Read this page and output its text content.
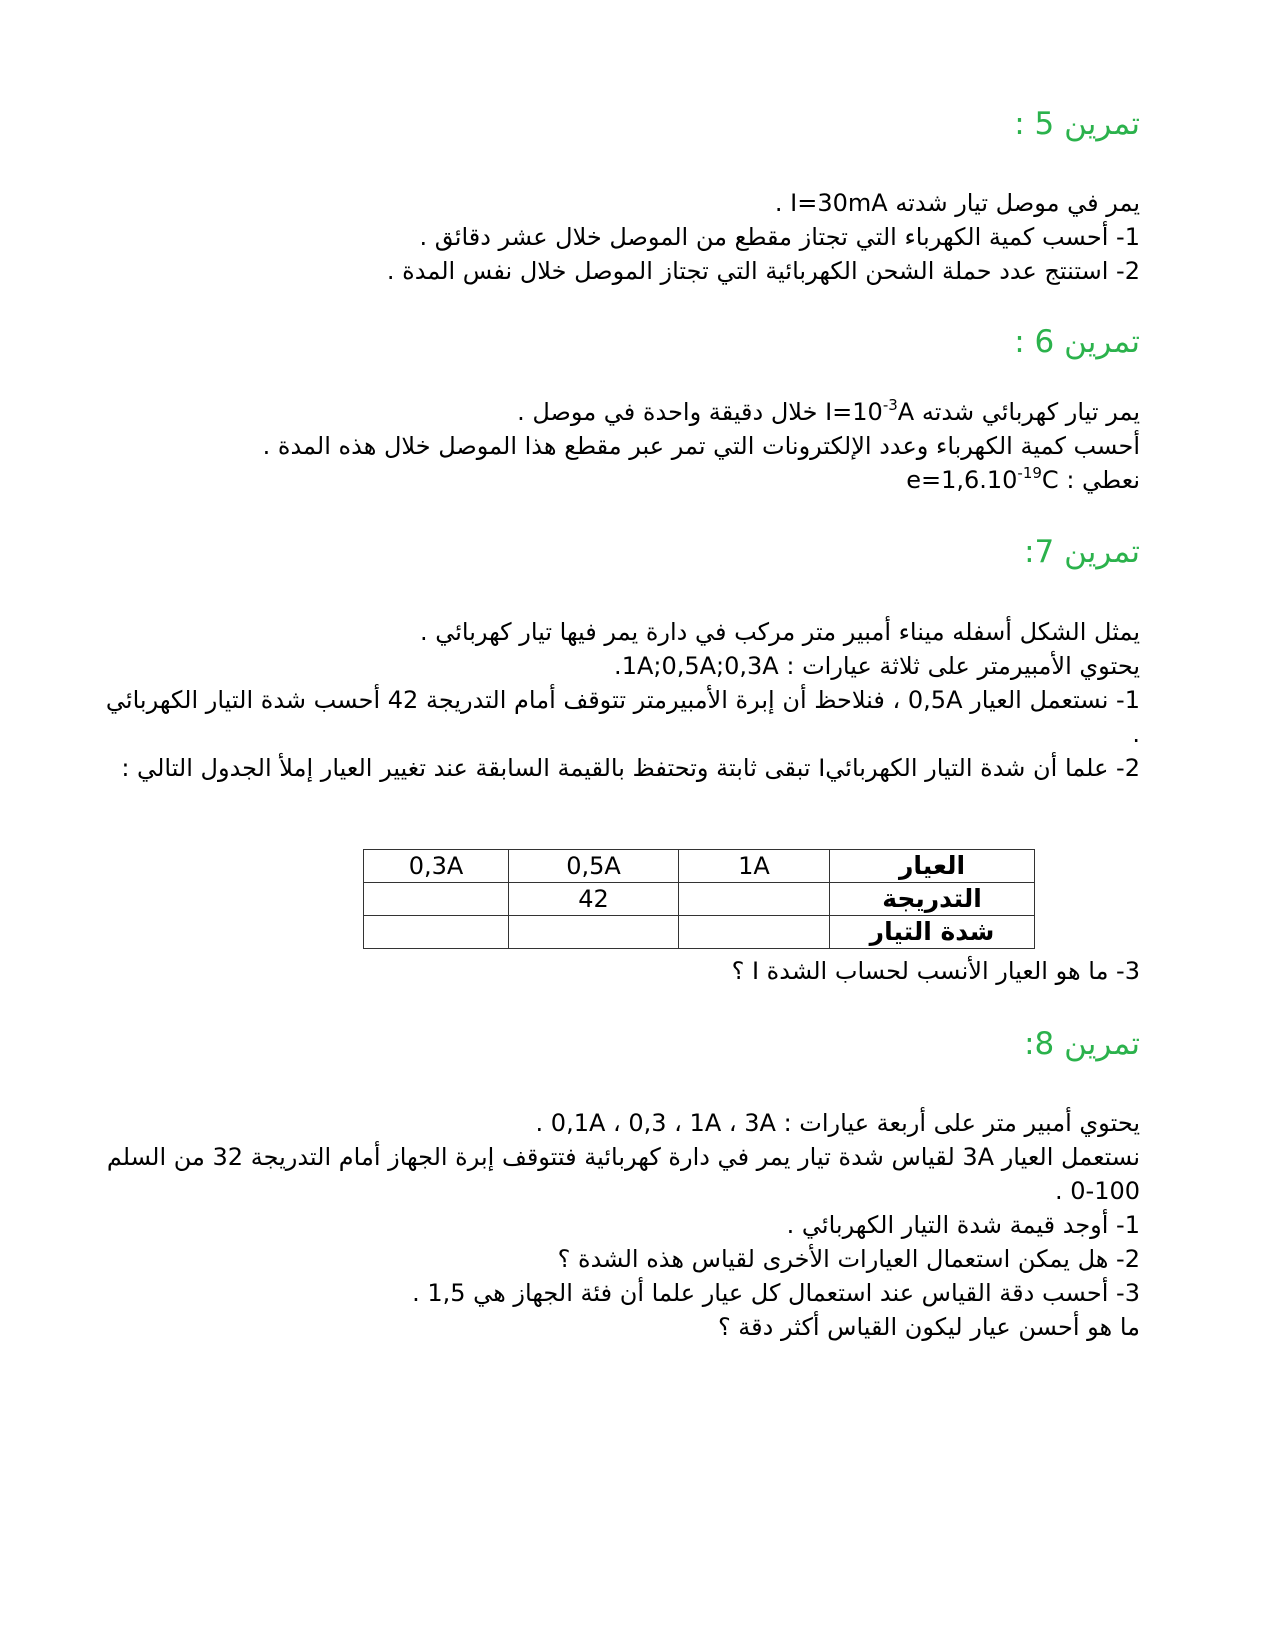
تمرين 5 :

يمر في موصل تيار شدته I=30mA .

1- أحسب كمية الكهرباء التي تجتاز مقطع من الموصل خلال عشر دقائق .

2- استنتج عدد حملة الشحن الكهربائية التي تجتاز الموصل خلال نفس المدة .

تمرين 6 :

يمر تيار كهربائي شدته $I=10^{-3}A$ خلال دقيقة واحدة في موصل .

أحسب كمية الكهرباء وعدد الإلكترونات التي تمر عبر مقطع هذا الموصل خلال هذه المدة .

نعطي : $e=1,6.10^{-19}C$

تمرين 7:

يمثل الشكل أسفله ميناء أمبير متر مركب في دارة يمر فيها تيار كهربائي .

يحتوي الأمبيرمتر على ثلاثة عيارات : 1A;0,5A;0,3A.

1- نستعمل العيار 0,5A ، فنلاحظ أن إبرة الأمبيرمتر تتوقف أمام التدريجة 42 أحسب شدة التيار الكهربائي .

2- علما أن شدة التيار الكهربائيI تبقى ثابتة وتحتفظ بالقيمة السابقة عند تغيير العيار إملأ الجدول التالي :

العيار	1A	0,5A	0,3A
التدريجة		42	
شدة التيار			

3- ما هو العيار الأنسب لحساب الشدة I ؟

تمرين 8:

يحتوي أمبير متر على أربعة عيارات : 0,1A ، 0,3 ، 1A ، 3A .

نستعمل العيار 3A لقياس شدة تيار يمر في دارة كهربائية فتتوقف إبرة الجهاز أمام التدريجة 32 من السلم 100-0 .

1- أوجد قيمة شدة التيار الكهربائي .

2- هل يمكن استعمال العيارات الأخرى لقياس هذه الشدة ؟

3- أحسب دقة القياس عند استعمال كل عيار علما أن فئة الجهاز هي 1,5 .

ما هو أحسن عيار ليكون القياس أكثر دقة ؟
